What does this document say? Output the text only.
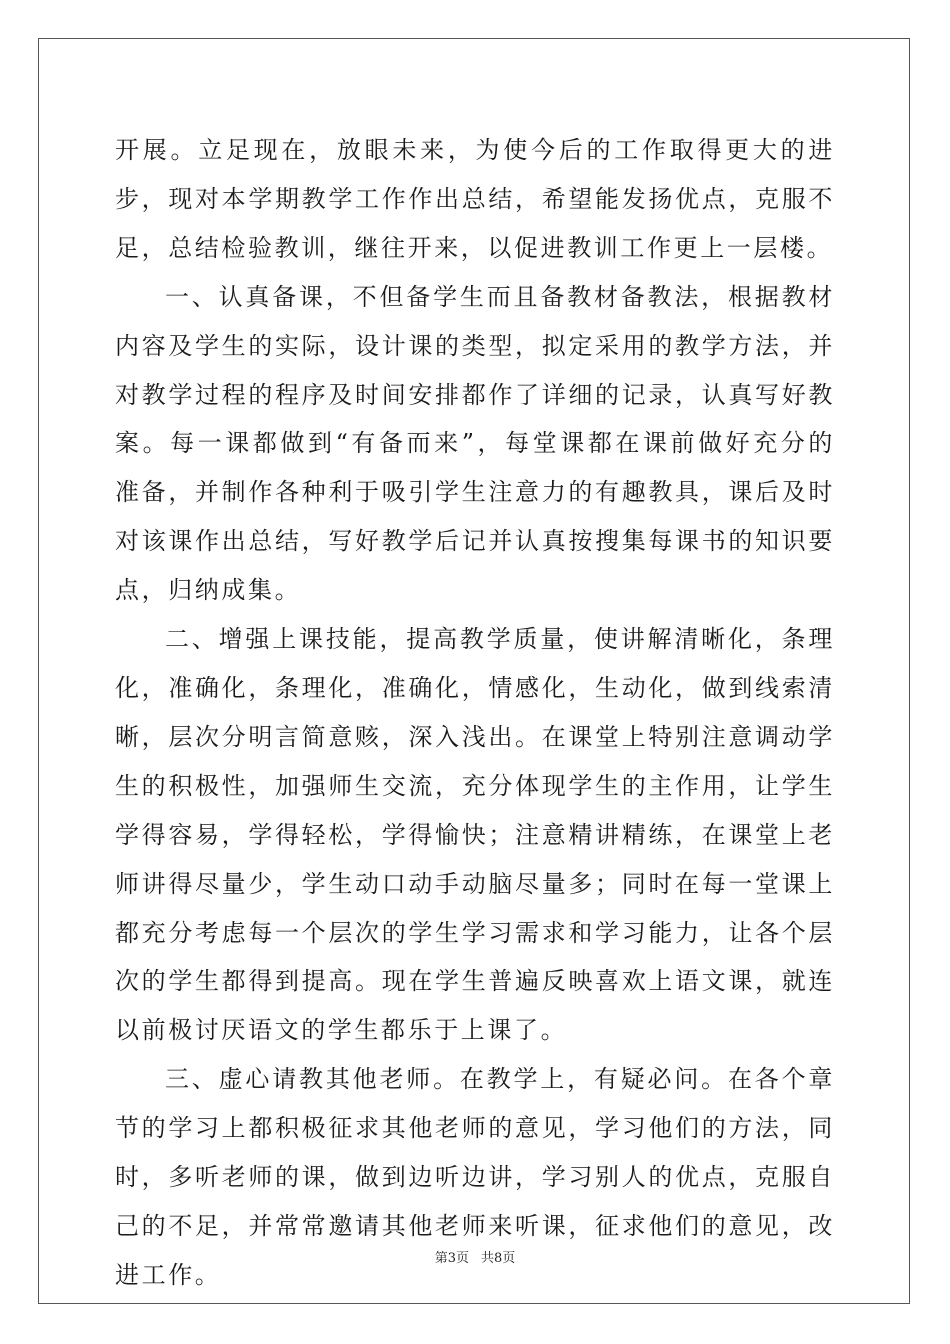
开展。立足现在，放眼未来，为使今后的工作取得更大的进步，现对本学期教学工作作出总结，希望能发扬优点，克服不足，总结检验教训，继往开来，以促进教训工作更上一层楼。

一、认真备课，不但备学生而且备教材备教法，根据教材内容及学生的实际，设计课的类型，拟定采用的教学方法，并对教学过程的程序及时间安排都作了详细的记录，认真写好教案。每一课都做到“有备而来”，每堂课都在课前做好充分的准备，并制作各种利于吸引学生注意力的有趣教具，课后及时对该课作出总结，写好教学后记并认真按搜集每课书的知识要点，归纳成集。

二、增强上课技能，提高教学质量，使讲解清晰化，条理化，准确化，条理化，准确化，情感化，生动化，做到线索清晰，层次分明言简意赅，深入浅出。在课堂上特别注意调动学生的积极性，加强师生交流，充分体现学生的主作用，让学生学得容易，学得轻松，学得愉快；注意精讲精练，在课堂上老师讲得尽量少，学生动口动手动脑尽量多；同时在每一堂课上都充分考虑每一个层次的学生学习需求和学习能力，让各个层次的学生都得到提高。现在学生普遍反映喜欢上语文课，就连以前极讨厌语文的学生都乐于上课了。

三、虚心请教其他老师。在教学上，有疑必问。在各个章节的学习上都积极征求其他老师的意见，学习他们的方法，同时，多听老师的课，做到边听边讲，学习别人的优点，克服自己的不足，并常常邀请其他老师来听课，征求他们的意见，改进工作。

第3页 共8页
